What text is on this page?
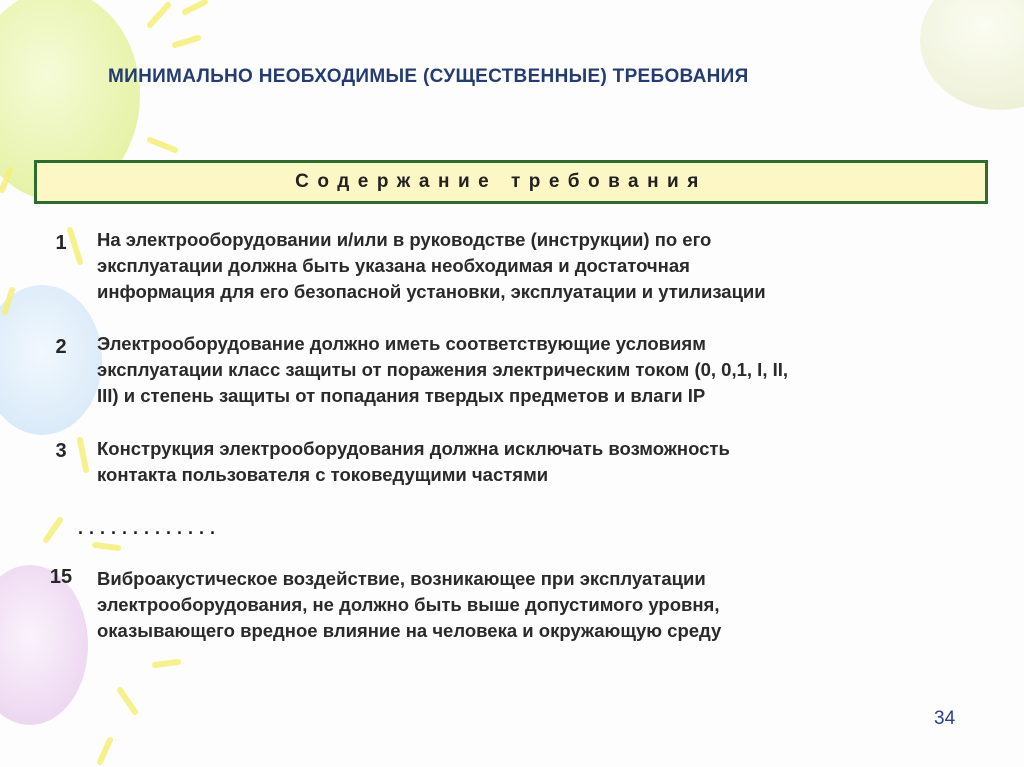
МИНИМАЛЬНО НЕОБХОДИМЫЕ (СУЩЕСТВЕННЫЕ) ТРЕБОВАНИЯ
Содержание требования
1	На электрооборудовании и/или в руководстве (инструкции) по его
эксплуатации должна быть указана необходимая и достаточная
информация для его безопасной установки, эксплуатации и утилизации
2	Электрооборудование должно иметь соответствующие условиям
эксплуатации класс защиты от поражения электрическим током (0, 0,1, I, II,
III) и степень защиты от попадания твердых предметов и влаги IP
3	Конструкция электрооборудования должна исключать возможность
контакта пользователя с токоведущими частями
.............
15	Виброакустическое воздействие, возникающее при эксплуатации
электрооборудования, не должно быть выше допустимого уровня,
оказывающего вредное влияние на человека и окружающую среду
34
